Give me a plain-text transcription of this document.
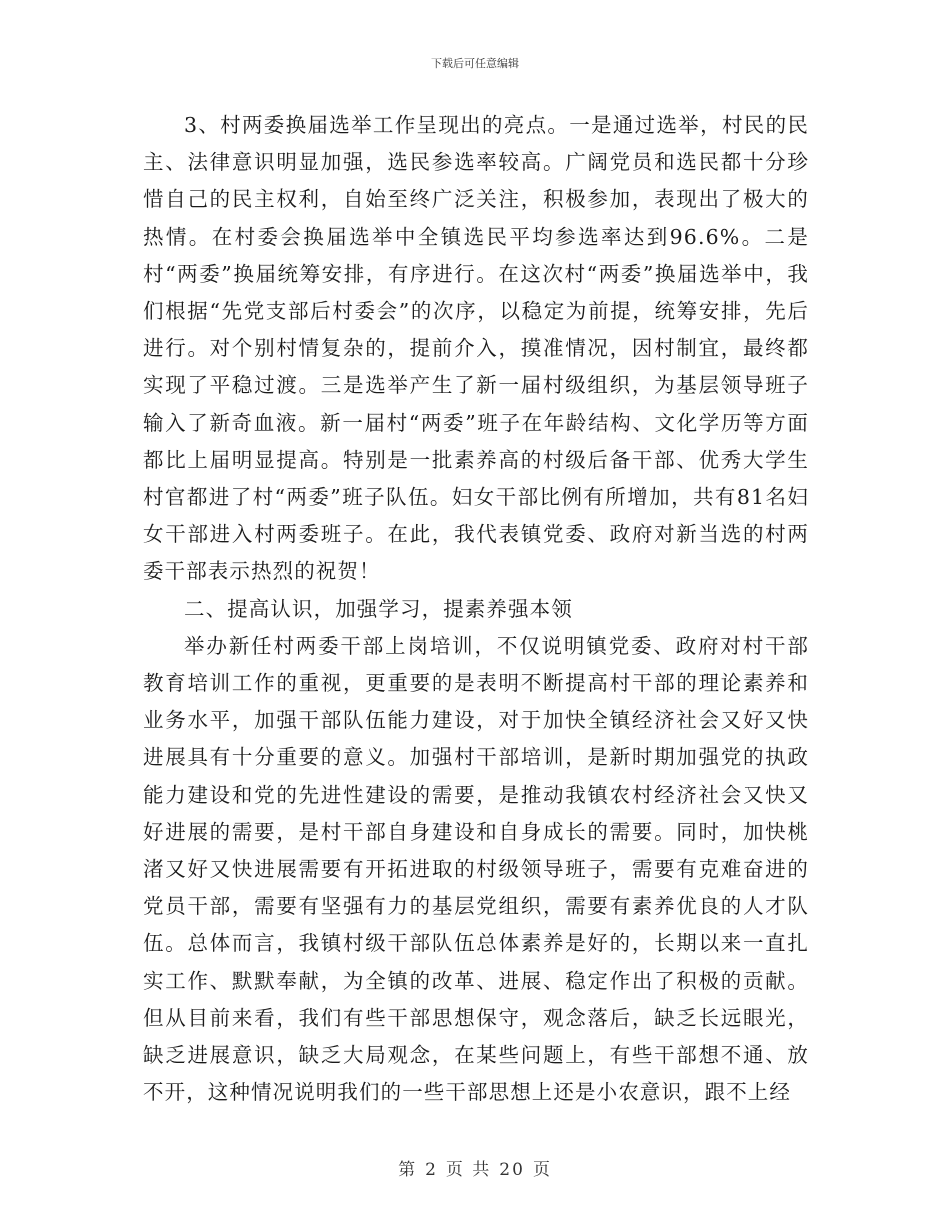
下载后可任意编辑

3、村两委换届选举工作呈现出的亮点。一是通过选举，村民的民主、法律意识明显加强，选民参选率较高。广阔党员和选民都十分珍惜自己的民主权利，自始至终广泛关注，积极参加，表现出了极大的热情。在村委会换届选举中全镇选民平均参选率达到96.6%。二是村“两委”换届统筹安排，有序进行。在这次村“两委”换届选举中，我们根据“先党支部后村委会”的次序，以稳定为前提，统筹安排，先后进行。对个别村情复杂的，提前介入，摸准情况，因村制宜，最终都实现了平稳过渡。三是选举产生了新一届村级组织，为基层领导班子输入了新奇血液。新一届村“两委”班子在年龄结构、文化学历等方面都比上届明显提高。特别是一批素养高的村级后备干部、优秀大学生村官都进了村“两委”班子队伍。妇女干部比例有所增加，共有81名妇女干部进入村两委班子。在此，我代表镇党委、政府对新当选的村两委干部表示热烈的祝贺！

二、提高认识，加强学习，提素养强本领

举办新任村两委干部上岗培训，不仅说明镇党委、政府对村干部教育培训工作的重视，更重要的是表明不断提高村干部的理论素养和业务水平，加强干部队伍能力建设，对于加快全镇经济社会又好又快进展具有十分重要的意义。加强村干部培训，是新时期加强党的执政能力建设和党的先进性建设的需要，是推动我镇农村经济社会又快又好进展的需要，是村干部自身建设和自身成长的需要。同时，加快桃渚又好又快进展需要有开拓进取的村级领导班子，需要有克难奋进的党员干部，需要有坚强有力的基层党组织，需要有素养优良的人才队伍。总体而言，我镇村级干部队伍总体素养是好的，长期以来一直扎实工作、默默奉献，为全镇的改革、进展、稳定作出了积极的贡献。但从目前来看，我们有些干部思想保守，观念落后，缺乏长远眼光，缺乏进展意识，缺乏大局观念，在某些问题上，有些干部想不通、放不开，这种情况说明我们的一些干部思想上还是小农意识，跟不上经

第 2 页 共 20 页
